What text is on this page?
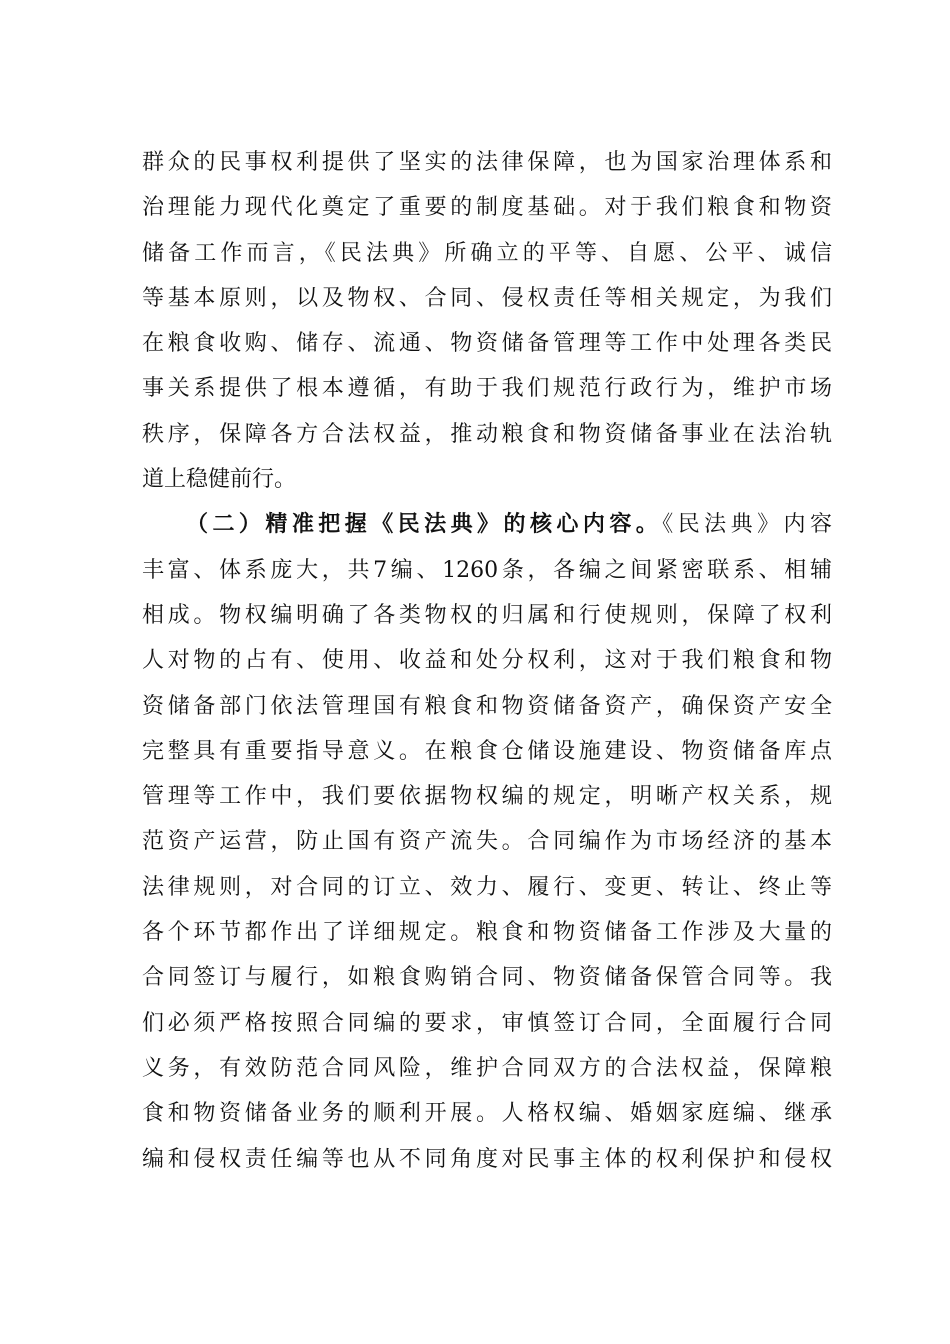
群众的民事权利提供了坚实的法律保障，也为国家治理体系和
治理能力现代化奠定了重要的制度基础。对于我们粮食和物资
储备工作而言，《民法典》所确立的平等、自愿、公平、诚信
等基本原则，以及物权、合同、侵权责任等相关规定，为我们
在粮食收购、储存、流通、物资储备管理等工作中处理各类民
事关系提供了根本遵循，有助于我们规范行政行为，维护市场
秩序，保障各方合法权益，推动粮食和物资储备事业在法治轨
道上稳健前行。
（二）精准把握《民法典》的核心内容。《民法典》内容
丰富、体系庞大，共7编、1260条，各编之间紧密联系、相辅
相成。物权编明确了各类物权的归属和行使规则，保障了权利
人对物的占有、使用、收益和处分权利，这对于我们粮食和物
资储备部门依法管理国有粮食和物资储备资产，确保资产安全
完整具有重要指导意义。在粮食仓储设施建设、物资储备库点
管理等工作中，我们要依据物权编的规定，明晰产权关系，规
范资产运营，防止国有资产流失。合同编作为市场经济的基本
法律规则，对合同的订立、效力、履行、变更、转让、终止等
各个环节都作出了详细规定。粮食和物资储备工作涉及大量的
合同签订与履行，如粮食购销合同、物资储备保管合同等。我
们必须严格按照合同编的要求，审慎签订合同，全面履行合同
义务，有效防范合同风险，维护合同双方的合法权益，保障粮
食和物资储备业务的顺利开展。人格权编、婚姻家庭编、继承
编和侵权责任编等也从不同角度对民事主体的权利保护和侵权
